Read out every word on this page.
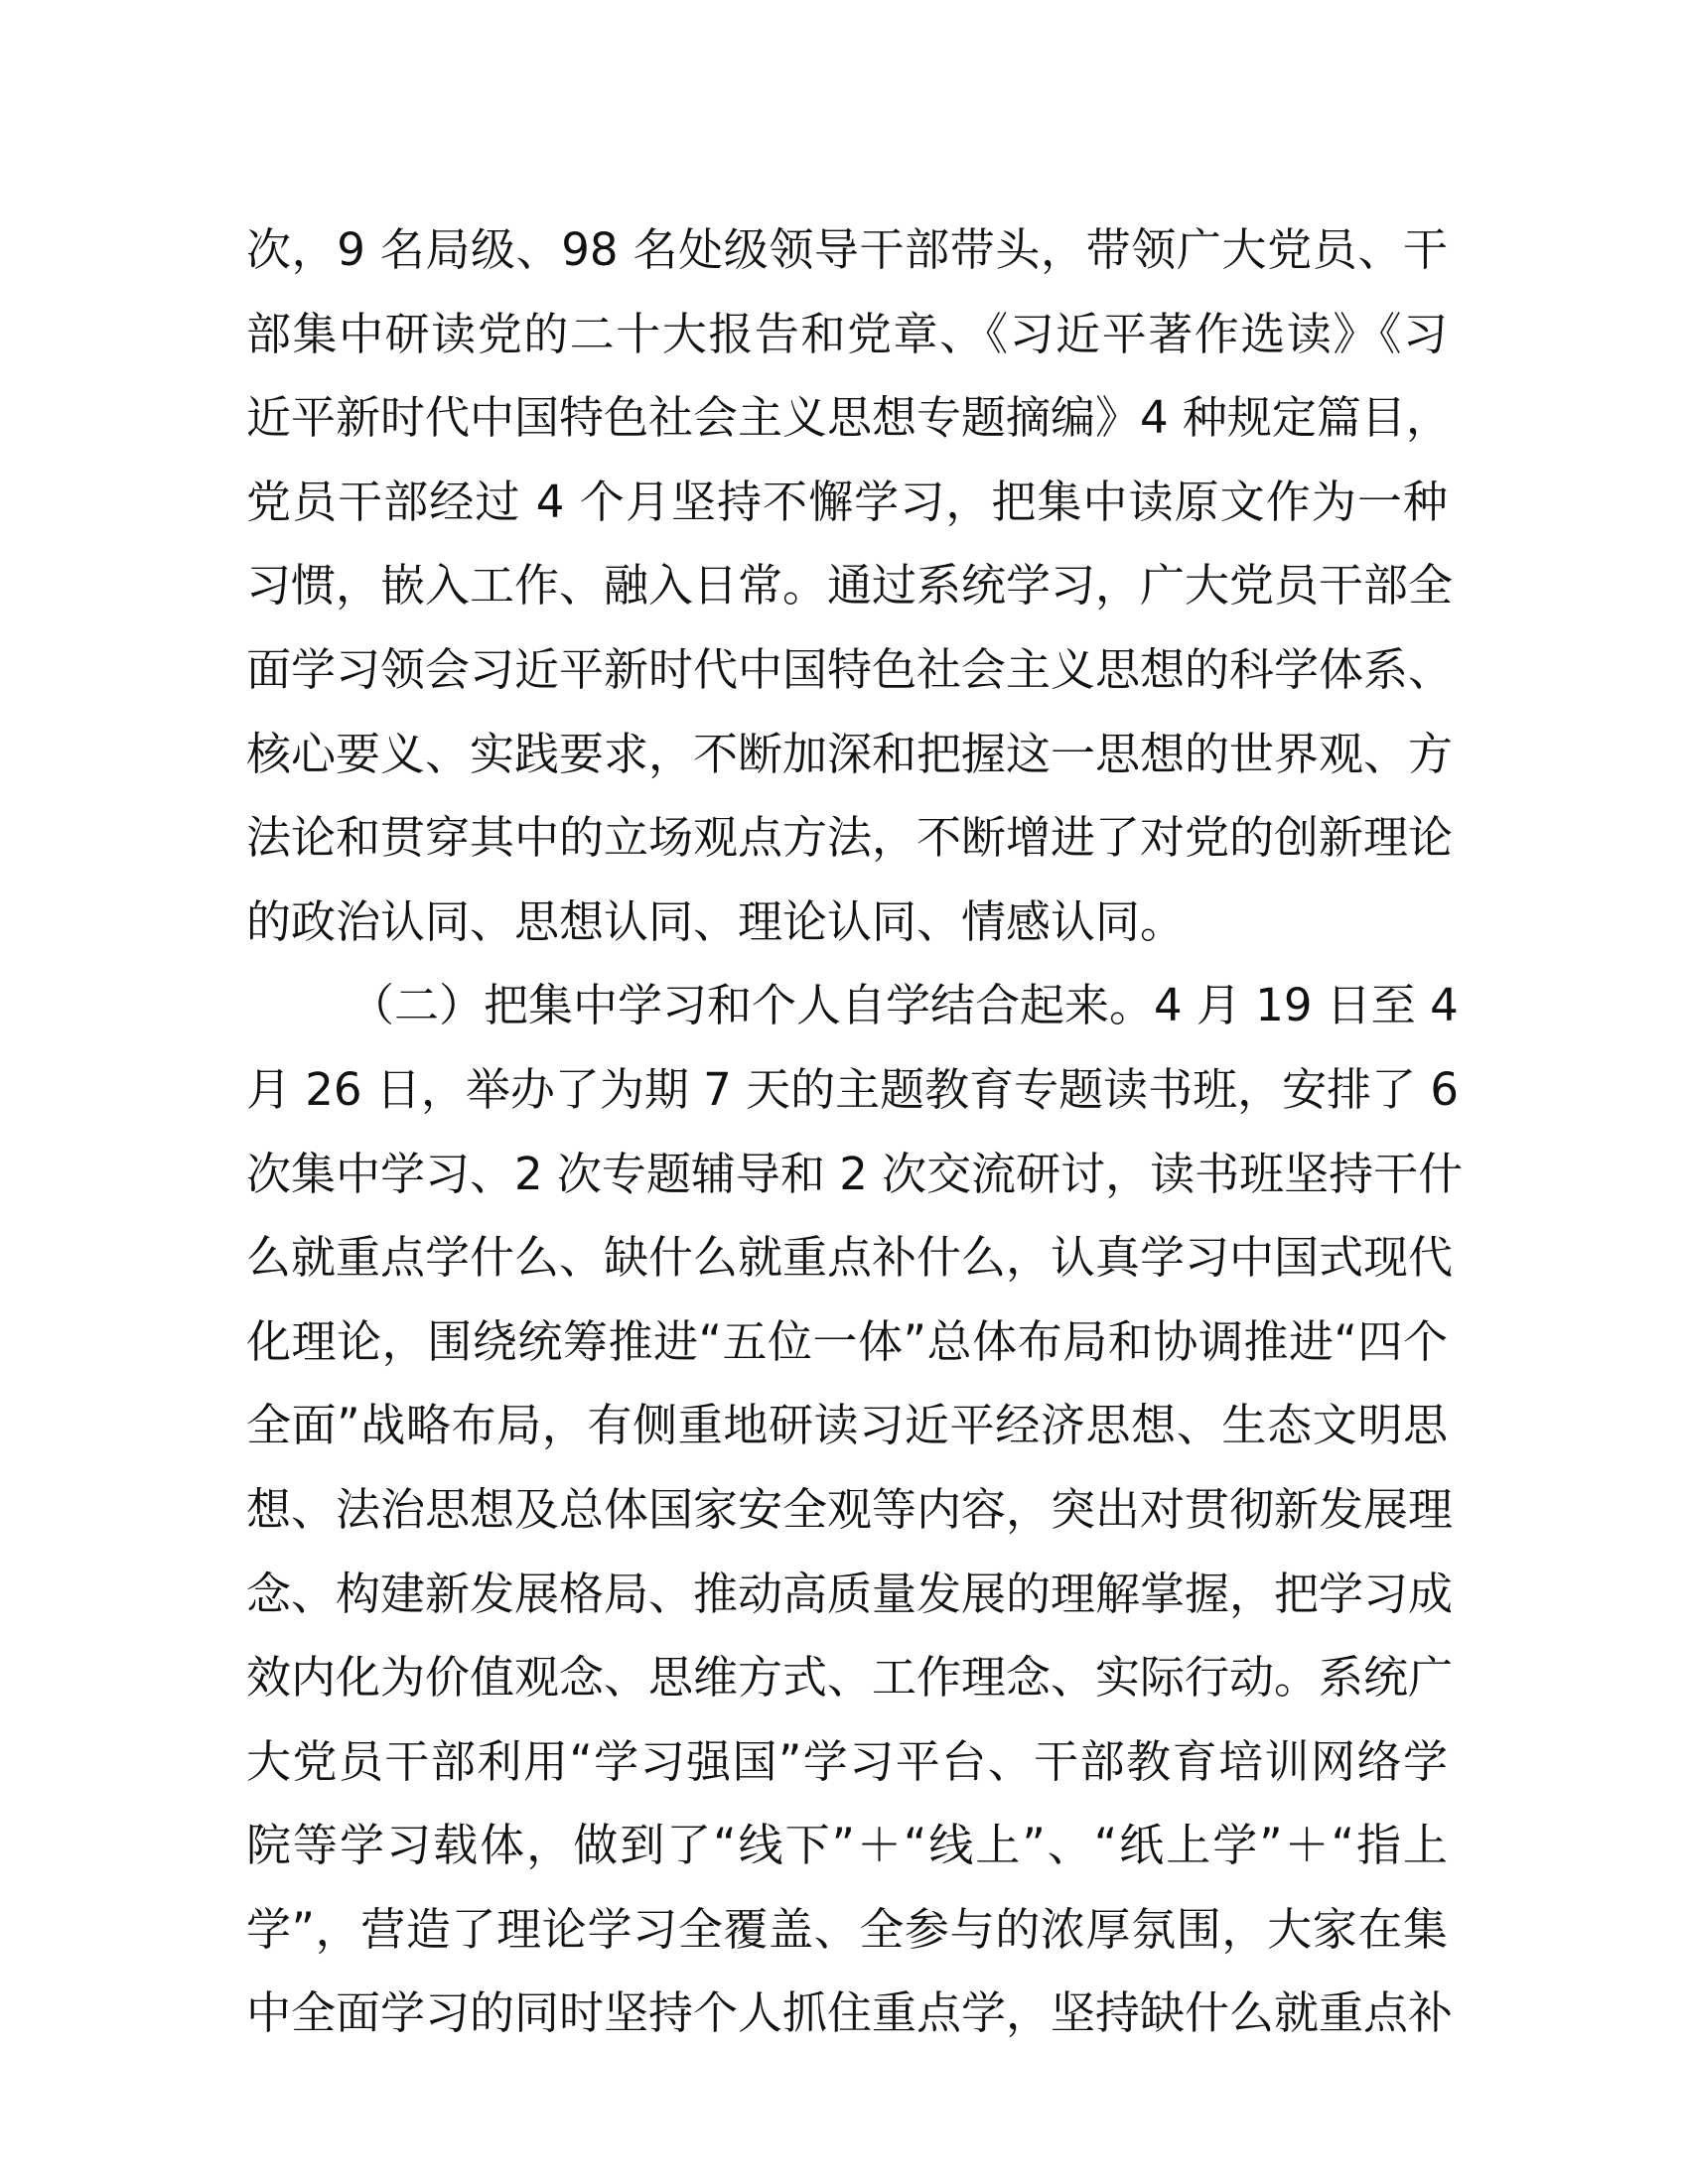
次，9 名局级、98 名处级领导干部带头，带领广大党员、干
部集中研读党的二十大报告和党章、《习近平著作选读》《习
近平新时代中国特色社会主义思想专题摘编》4 种规定篇目，
党员干部经过 4 个月坚持不懈学习，把集中读原文作为一种
习惯，嵌入工作、融入日常。通过系统学习，广大党员干部全
面学习领会习近平新时代中国特色社会主义思想的科学体系、
核心要义、实践要求，不断加深和把握这一思想的世界观、方
法论和贯穿其中的立场观点方法，不断增进了对党的创新理论
的政治认同、思想认同、理论认同、情感认同。
（二）把集中学习和个人自学结合起来。4 月 19 日至 4
月 26 日，举办了为期 7 天的主题教育专题读书班，安排了 6
次集中学习、2 次专题辅导和 2 次交流研讨，读书班坚持干什
么就重点学什么、缺什么就重点补什么，认真学习中国式现代
化理论，围绕统筹推进“五位一体”总体布局和协调推进“四个
全面”战略布局，有侧重地研读习近平经济思想、生态文明思
想、法治思想及总体国家安全观等内容，突出对贯彻新发展理
念、构建新发展格局、推动高质量发展的理解掌握，把学习成
效内化为价值观念、思维方式、工作理念、实际行动。系统广
大党员干部利用“学习强国”学习平台、干部教育培训网络学
院等学习载体，做到了“线下”＋“线上”、“纸上学”＋“指上
学”，营造了理论学习全覆盖、全参与的浓厚氛围，大家在集
中全面学习的同时坚持个人抓住重点学，坚持缺什么就重点补
